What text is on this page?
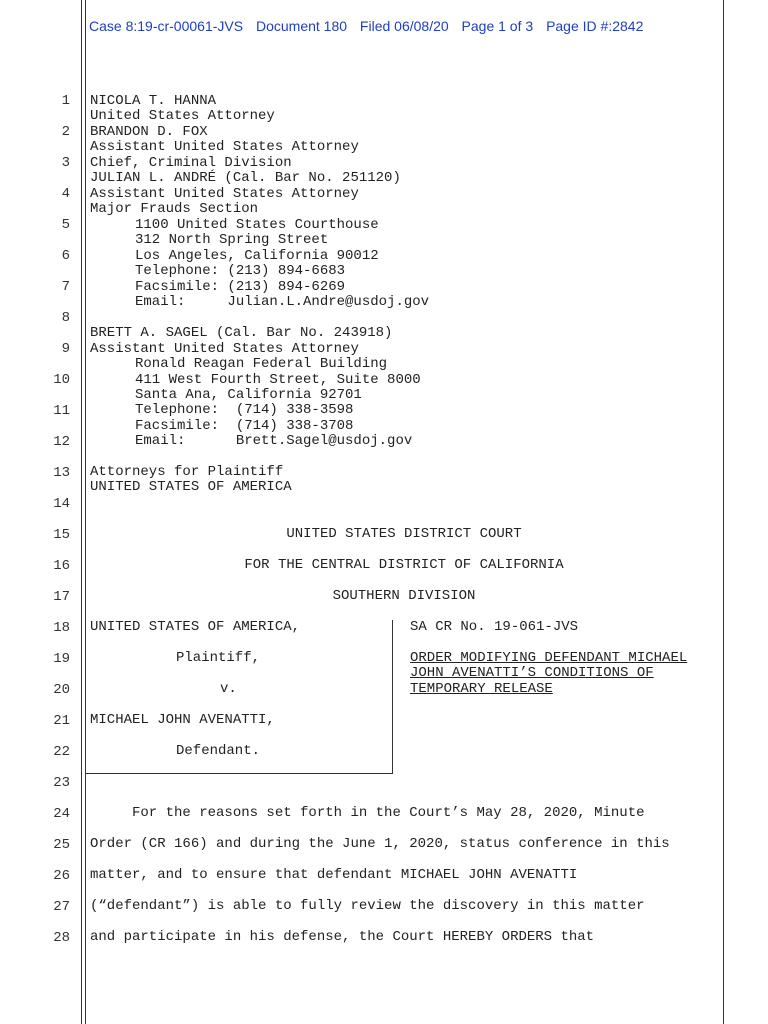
Case 8:19-cr-00061-JVS Document 180 Filed 06/08/20 Page 1 of 3 Page ID #:2842
1
2
3
4
5
6
7
8
9
10
11
12
13
14
15
16
17
18
19
20
21
22
23
24
25
26
27
28
NICOLA T. HANNA
United States Attorney
BRANDON D. FOX
Assistant United States Attorney
Chief, Criminal Division
JULIAN L. ANDRÉ (Cal. Bar No. 251120)
Assistant United States Attorney
Major Frauds Section
1100 United States Courthouse
312 North Spring Street
Los Angeles, California 90012
Telephone: (213) 894-6683
Facsimile: (213) 894-6269
Email:     Julian.L.Andre@usdoj.gov
BRETT A. SAGEL (Cal. Bar No. 243918)
Assistant United States Attorney
Ronald Reagan Federal Building
411 West Fourth Street, Suite 8000
Santa Ana, California 92701
Telephone:  (714) 338-3598
Facsimile:  (714) 338-3708
Email:      Brett.Sagel@usdoj.gov
Attorneys for Plaintiff
UNITED STATES OF AMERICA
UNITED STATES DISTRICT COURT
FOR THE CENTRAL DISTRICT OF CALIFORNIA
SOUTHERN DIVISION
UNITED STATES OF AMERICA,
Plaintiff,
v.
MICHAEL JOHN AVENATTI,
Defendant.
SA CR No. 19-061-JVS
ORDER MODIFYING DEFENDANT MICHAEL
JOHN AVENATTI’S CONDITIONS OF
TEMPORARY RELEASE
For the reasons set forth in the Court’s May 28, 2020, Minute
Order (CR 166) and during the June 1, 2020, status conference in this
matter, and to ensure that defendant MICHAEL JOHN AVENATTI
(“defendant”) is able to fully review the discovery in this matter
and participate in his defense, the Court HEREBY ORDERS that
